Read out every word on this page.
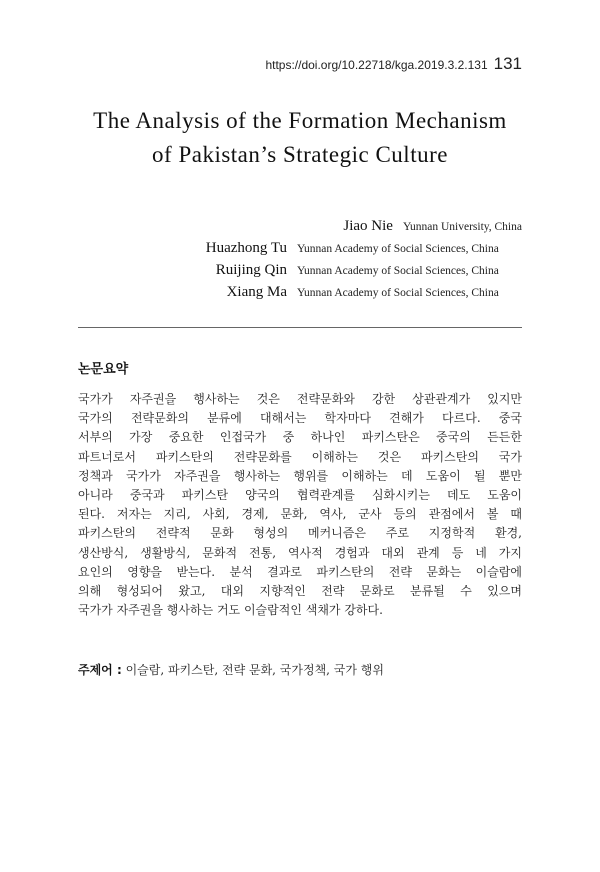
https://doi.org/10.22718/kga.2019.3.2.131 131
The Analysis of the Formation Mechanism
of Pakistan’s Strategic Culture
Jiao Nie Yunnan University, China
Huazhong Tu Yunnan Academy of Social Sciences, China
Ruijing Qin Yunnan Academy of Social Sciences, China
Xiang Ma Yunnan Academy of Social Sciences, China
논문요약
국가가 자주권을 행사하는 것은 전략문화와 강한 상관관계가 있지만
국가의 전략문화의 분류에 대해서는 학자마다 견해가 다르다. 중국
서부의 가장 중요한 인접국가 중 하나인 파키스탄은 중국의 든든한
파트너로서 파키스탄의 전략문화를 이해하는 것은 파키스탄의 국가
정책과 국가가 자주권을 행사하는 행위를 이해하는 데 도움이 될 뿐만
아니라 중국과 파키스탄 양국의 협력관계를 심화시키는 데도 도움이
된다. 저자는 지리, 사회, 경제, 문화, 역사, 군사 등의 관점에서 볼 때
파키스탄의 전략적 문화 형성의 메커니즘은 주로 지정학적 환경,
생산방식, 생활방식, 문화적 전통, 역사적 경험과 대외 관계 등 네 가지
요인의 영향을 받는다. 분석 결과로 파키스탄의 전략 문화는 이슬람에
의해 형성되어 왔고, 대외 지향적인 전략 문화로 분류될 수 있으며
국가가 자주권을 행사하는 거도 이슬람적인 색채가 강하다.
주제어 : 이슬람, 파키스탄, 전략 문화, 국가정책, 국가 행위
